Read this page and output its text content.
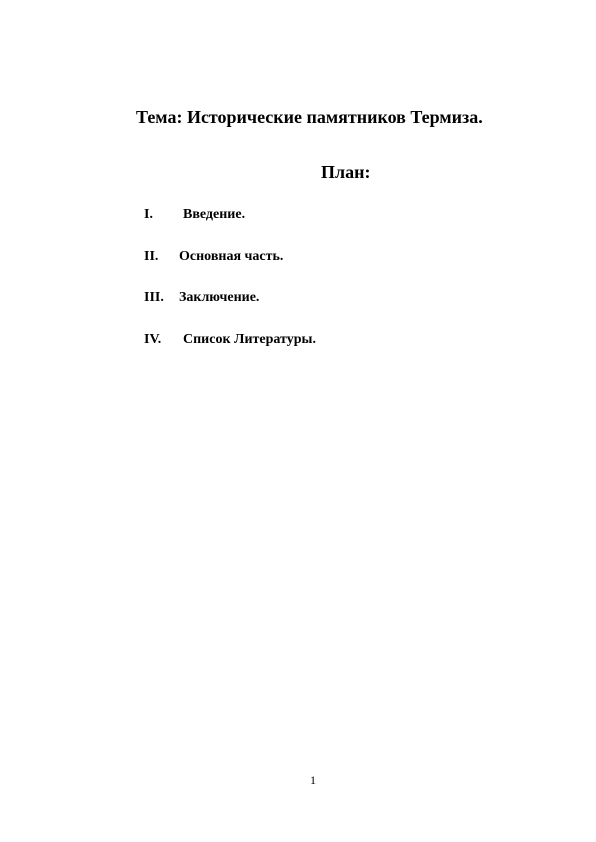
Тема: Исторические памятников Термиза.
План:
I. Введение.
II. Основная часть.
III. Заключение.
IV. Список Литературы.
1
